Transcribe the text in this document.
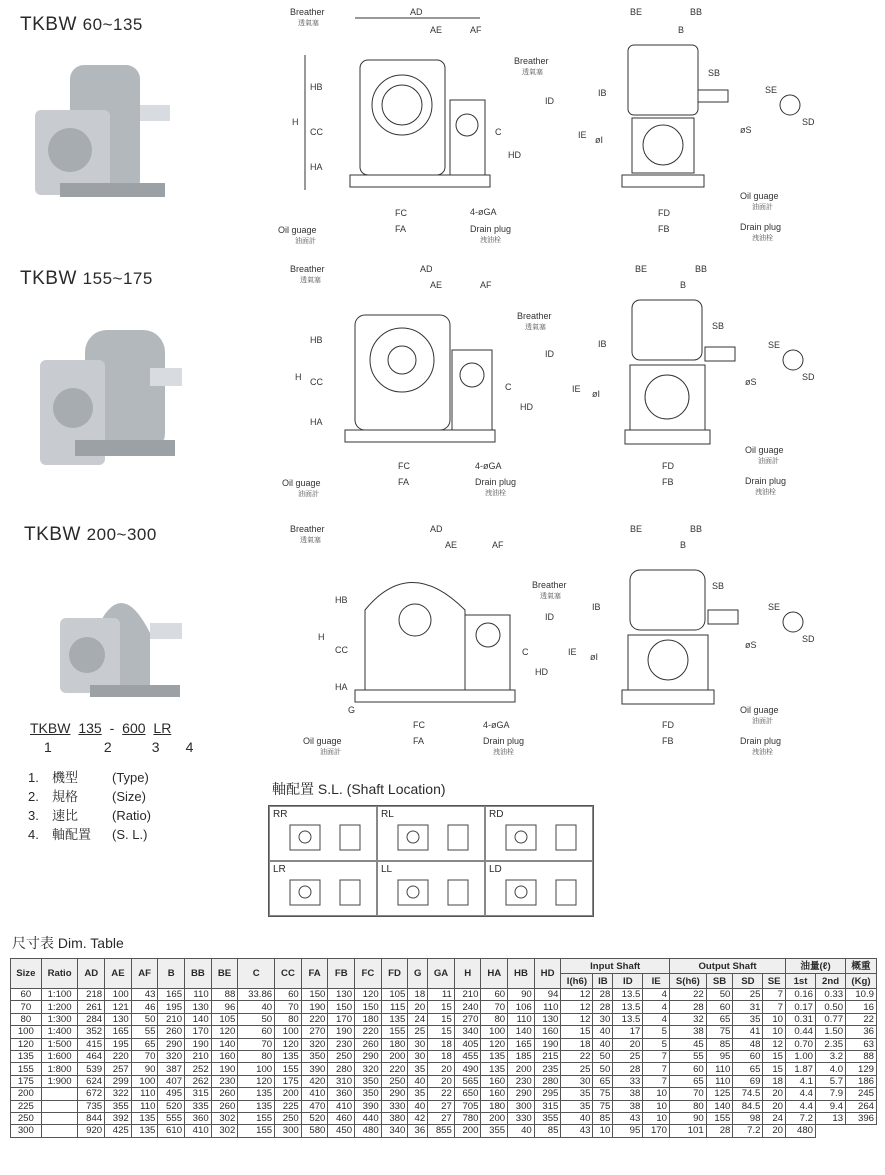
TKBW 60~135
TKBW 155~175
TKBW 200~300
AD
AE	AF
Breather
透氣塞
Breather
透氣塞
HB
H
CC
HA
C
HD
FC
FA
4-øGA
Drain plug
洩油栓
Oil guage
油面計
BE	BB
B
SB
ID
IB
IE øI
øS
SE
SD
FD
FB
Oil guage
油面計
Drain plug
洩油栓
AD
AE	AF
Breather
透氣塞
Breather
透氣塞
HB
H CC
HA
C
HD
FC
FA
4-øGA
Drain plug
洩油栓
Oil guage
油面計
BE	BB
B
SB
ID
IB
IE øI
øS
SE
SD
FD
FB
Oil guage
油面計
Drain plug
洩油栓
AD
AE	AF
Breather
透氣塞
Breather
透氣塞
HB
H
CC
HA
G
C
HD
FC
FA
4-øGA
Drain plug
洩油栓
Oil guage
油面計
BE	BB
B
SB
ID
IB
IE øI
øS
SE
SD
FD
FB
Oil guage
油面計
Drain plug
洩油栓
TKBW 135 - 600 LR
1	2	3 4
1.	機型	(Type)
2.	規格	(Size)
3.	速比	(Ratio)
4.	軸配置	(S. L.)
軸配置 S.L. (Shaft Location)
RR	RL	RD
LR	LL	LD
尺寸表 Dim. Table
Size	Ratio	AD	AE	AF	B	BB	BE	C	CC	FA	FB	FC	FD	G	GA	H	HA	HB	HD	Input Shaft				Output Shaft				油量(ℓ)		概重
																				I(h6)	IB	ID	IE	S(h6)	SB	SD	SE	1st	2nd	(Kg)
60	1:100	218	100	43	165	110	88	33.86	60	150	130	120	105	18	11	210	60	90	94	12	28	13.5	4	22	50	25	7	0.16	0.33	10.9
70	1:200	261	121	46	195	130	96	40	70	190	150	150	115	20	15	240	70	106	110	12	28	13.5	4	28	60	31	7	0.17	0.50	16
80	1:300	284	130	50	210	140	105	50	80	220	170	180	135	24	15	270	80	110	130	12	30	13.5	4	32	65	35	10	0.31	0.77	22
100	1:400	352	165	55	260	170	120	60	100	270	190	220	155	25	15	340	100	140	160	15	40	17	5	38	75	41	10	0.44	1.50	36
120	1:500	415	195	65	290	190	140	70	120	320	230	260	180	30	18	405	120	165	190	18	40	20	5	45	85	48	12	0.70	2.35	63
135	1:600	464	220	70	320	210	160	80	135	350	250	290	200	30	18	455	135	185	215	22	50	25	7	55	95	60	15	1.00	3.2	88
155	1:800	539	257	90	387	252	190	100	155	390	280	320	220	35	20	490	135	200	235	25	50	28	7	60	110	65	15	1.87	4.0	129
175	1:900	624	299	100	407	262	230	120	175	420	310	350	250	40	20	565	160	230	280	30	65	33	7	65	110	69	18	4.1	5.7	186
200		672	322	110	495	315	260	135	200	410	360	350	290	35	22	650	160	290	295	35	75	38	10	70	125	74.5	20	4.4	7.9	245
225		735	355	110	520	335	260	135	225	470	410	390	330	40	27	705	180	300	315	35	75	38	10	80	140	84.5	20	4.4	9.4	264
250		844	392	135	555	360	302	155	250	520	460	440	380	42	27	780	200	330	355	40	85	43	10	90	155	98	24	7.2	13	396
300		920	425	135	610	410	302	155	300	580	450	480	340	36	855	200	355	40	85	43	10	95	170	101	28	7.2	20	480		
